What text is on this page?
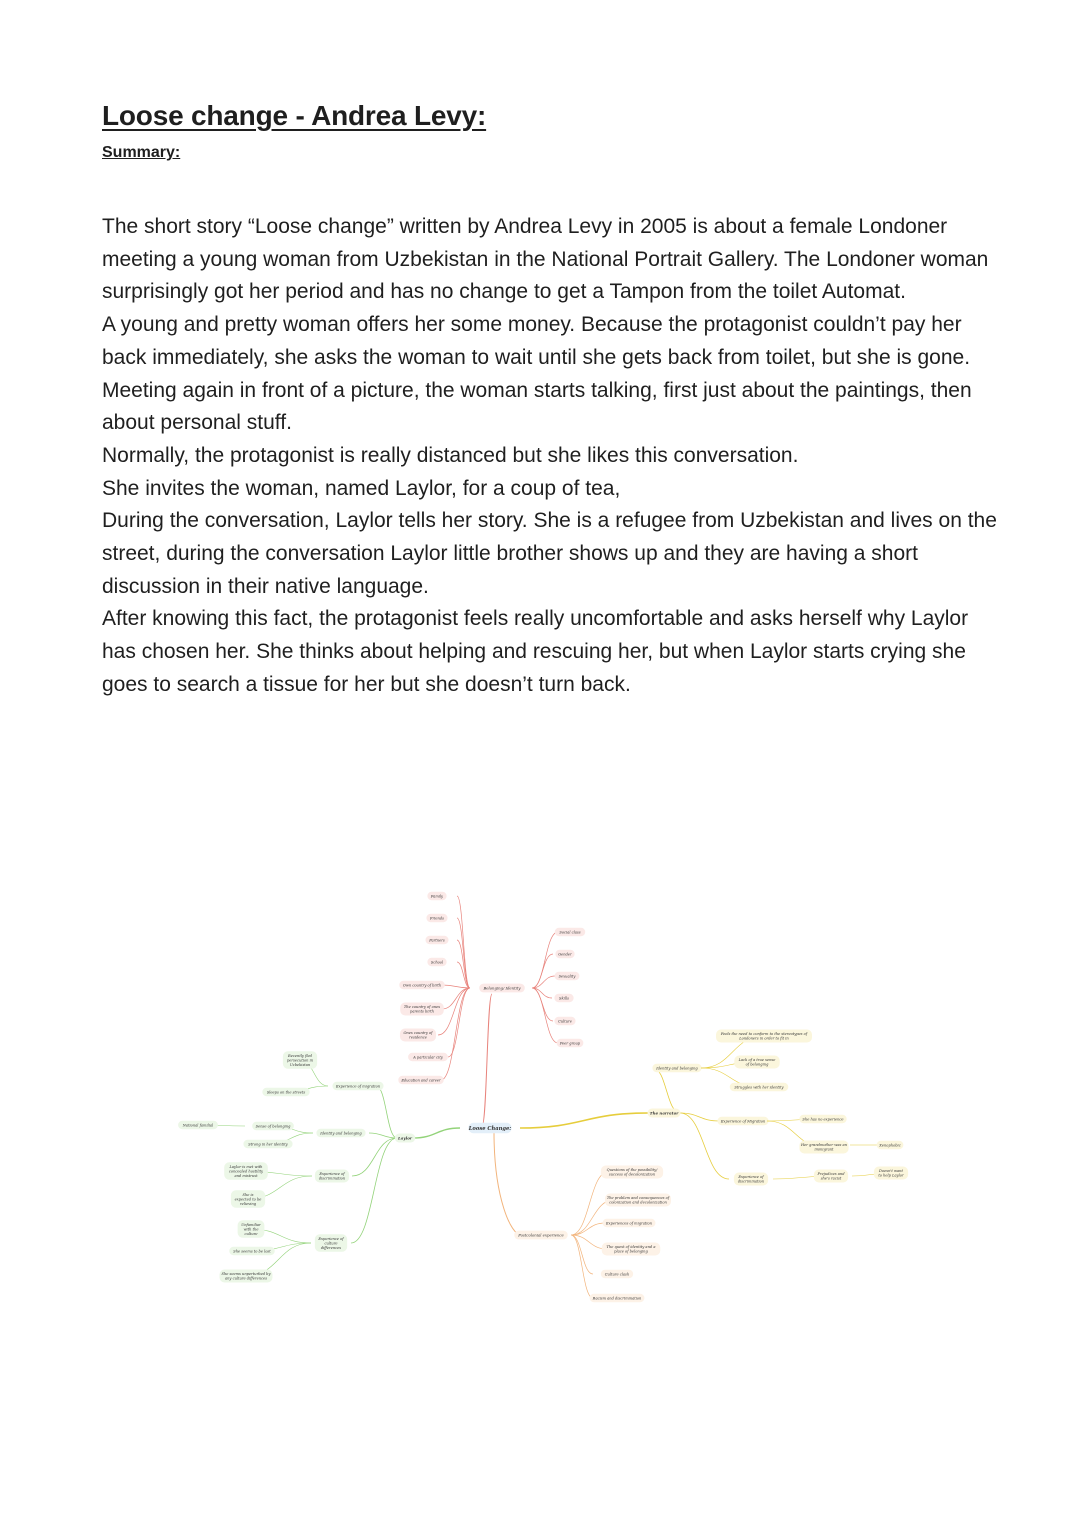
Loose change - Andrea Levy:
Summary:

The short story “Loose change” written by Andrea Levy in 2005 is about a female Londoner meeting a young woman from Uzbekistan in the National Portrait Gallery. The Londoner woman surprisingly got her period and has no change to get a Tampon from the toilet Automat.

A young and pretty woman offers her some money. Because the protagonist couldn’t pay her back immediately, she asks the woman to wait until she gets back from toilet, but she is gone.

Meeting again in front of a picture, the woman starts talking, first just about the paintings, then about personal stuff.

Normally, the protagonist is really distanced but she likes this conversation.

She invites the woman, named Laylor, for a coup of tea,

During the conversation, Laylor tells her story. She is a refugee from Uzbekistan and lives on the street, during the conversation Laylor little brother shows up and they are having a short discussion in their native language.

After knowing this fact, the protagonist feels really uncomfortable and asks herself why Laylor has chosen her. She thinks about helping and rescuing her, but when Laylor starts crying she goes to search a tissue for her but she doesn’t turn back.

Family
Friends
Partners
School
Own country of birth
The country of ones
parents birth
Ones country of
residence
A particular city
Education and career
Social class
Gender
Sexuality
Skills
Culture
Peer group
Belonging/ Identity
Experience of migration
Recently fled
persecution in
Uzbekistan
Sleeps on the streets
Identity and belonging
Sense of belonging
Strong in her identity
National familial
Experience of
discrimination
Laylor is met with
concealed hostility
and mistrust
She is
expected to be
relieving
Experience of
culture
differences
Unfamiliar
with the
culture
She seems to be lost
She seems unperturbed by
any culture differences
Laylor
Identity and belonging
Feels the need to conform to the stereotypes of
Londoners in order to fit in
Lack of a true sense
of belonging
Struggles with her identity
Experience of Migration	She has no experience
Her grandmother was an
immigrant
Xenophobic
Experience of
discrimination
Prejudices and
she's racist
Doesn't want
to help Laylor
The narrator
Questions of the possibility/
success of decolonization
The problem and consequences of
colonization and decolonization
Experiences of migration
The quest of identity and a
place of belonging
Culture clash
Racism and discrimination
Postcolonial experience
Loose Change:
